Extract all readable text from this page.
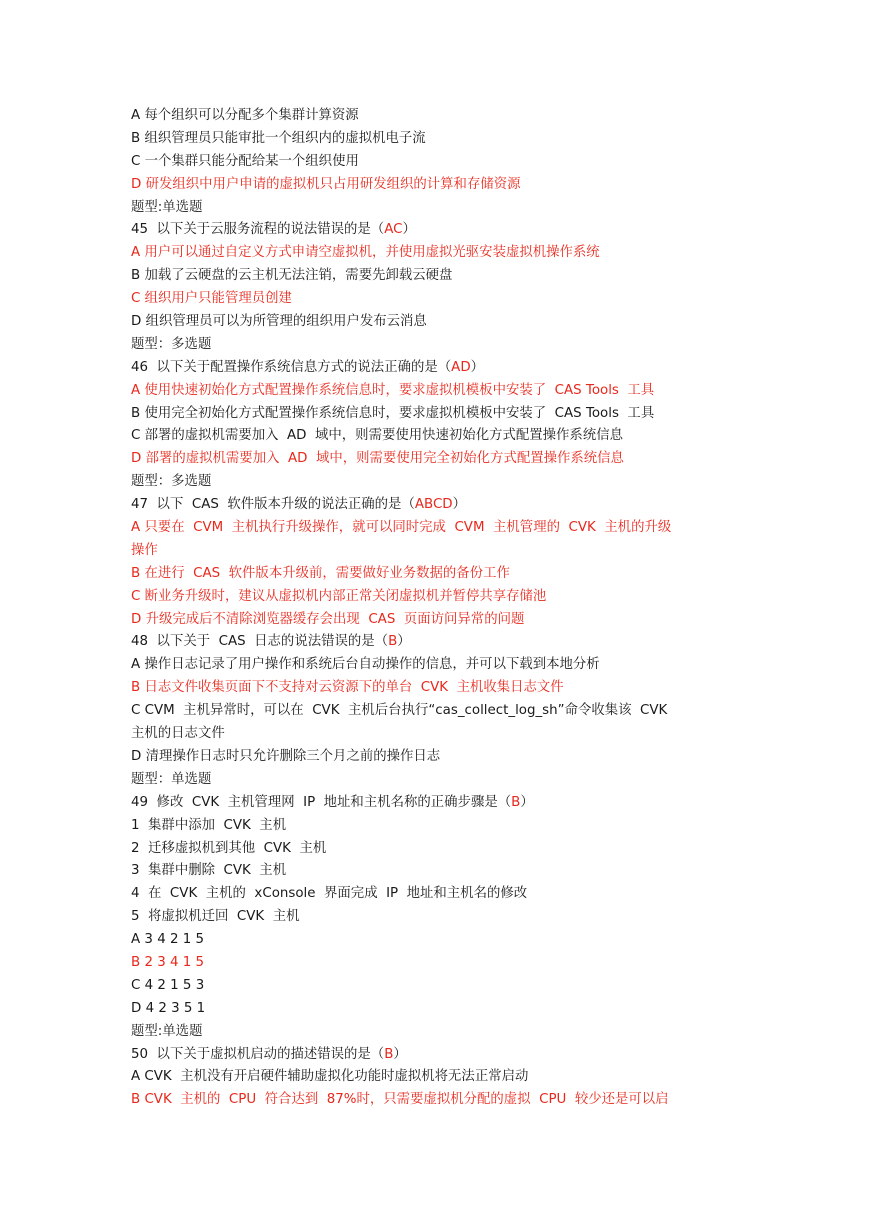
A 每个组织可以分配多个集群计算资源
B 组织管理员只能审批一个组织内的虚拟机电子流
C 一个集群只能分配给某一个组织使用
D 研发组织中用户申请的虚拟机只占用研发组织的计算和存储资源
题型:单选题
45  以下关于云服务流程的说法错误的是（AC）
A 用户可以通过自定义方式申请空虚拟机，并使用虚拟光驱安装虚拟机操作系统
B 加载了云硬盘的云主机无法注销，需要先卸载云硬盘
C 组织用户只能管理员创建
D 组织管理员可以为所管理的组织用户发布云消息
题型：多选题
46  以下关于配置操作系统信息方式的说法正确的是（AD）
A 使用快速初始化方式配置操作系统信息时，要求虚拟机模板中安装了  CAS Tools  工具
B 使用完全初始化方式配置操作系统信息时，要求虚拟机模板中安装了  CAS Tools  工具
C 部署的虚拟机需要加入  AD  域中，则需要使用快速初始化方式配置操作系统信息
D 部署的虚拟机需要加入  AD  域中，则需要使用完全初始化方式配置操作系统信息
题型：多选题
47  以下  CAS  软件版本升级的说法正确的是（ABCD）
A 只要在  CVM  主机执行升级操作，就可以同时完成  CVM  主机管理的  CVK  主机的升级
操作
B 在进行  CAS  软件版本升级前，需要做好业务数据的备份工作
C 断业务升级时，建议从虚拟机内部正常关闭虚拟机并暂停共享存储池
D 升级完成后不清除浏览器缓存会出现  CAS  页面访问异常的问题
48  以下关于  CAS  日志的说法错误的是（B）
A 操作日志记录了用户操作和系统后台自动操作的信息，并可以下载到本地分析
B 日志文件收集页面下不支持对云资源下的单台  CVK  主机收集日志文件
C CVM  主机异常时，可以在  CVK  主机后台执行“cas_collect_log_sh”命令收集该  CVK
主机的日志文件
D 清理操作日志时只允许删除三个月之前的操作日志
题型：单选题
49  修改  CVK  主机管理网  IP  地址和主机名称的正确步骤是（B）
1  集群中添加  CVK  主机
2  迁移虚拟机到其他  CVK  主机
3  集群中删除  CVK  主机
4  在  CVK  主机的  xConsole  界面完成  IP  地址和主机名的修改
5  将虚拟机迁回  CVK  主机
A 3 4 2 1 5
B 2 3 4 1 5
C 4 2 1 5 3
D 4 2 3 5 1
题型:单选题
50  以下关于虚拟机启动的描述错误的是（B）
A CVK  主机没有开启硬件辅助虚拟化功能时虚拟机将无法正常启动
B CVK  主机的  CPU  符合达到  87%时，只需要虚拟机分配的虚拟  CPU  较少还是可以启
